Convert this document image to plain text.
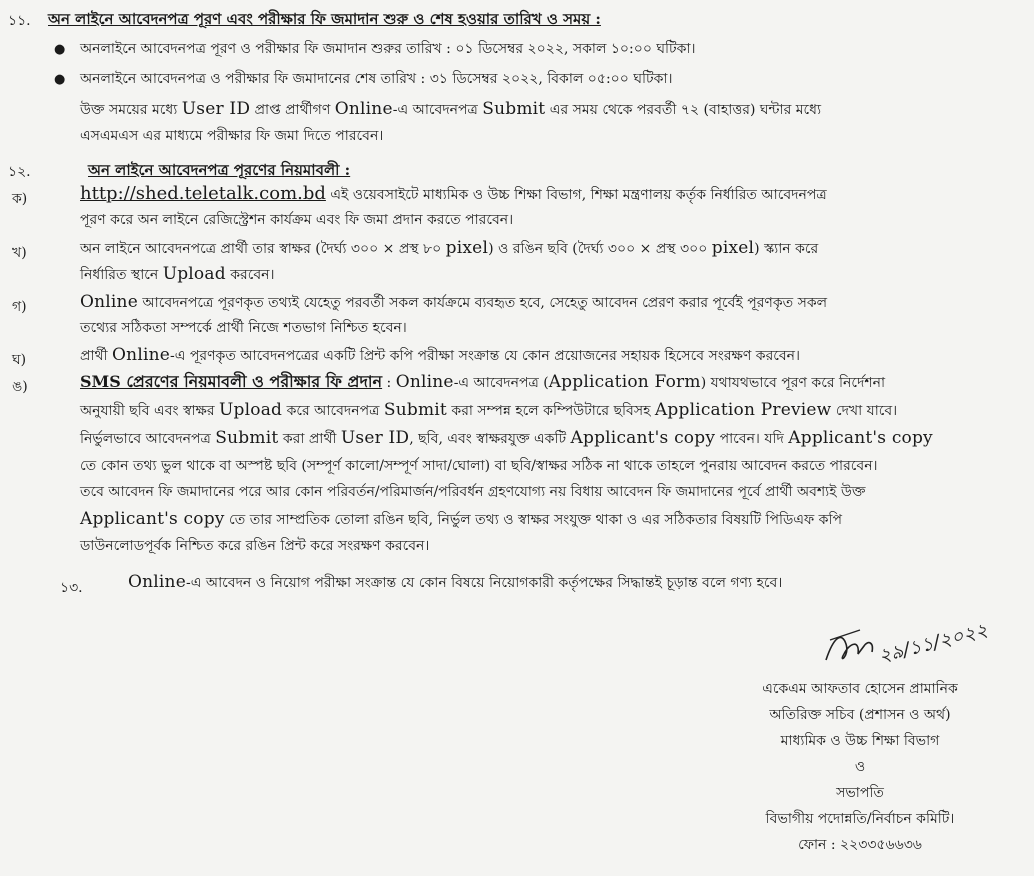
১১. অন লাইনে আবেদনপত্র পূরণ এবং পরীক্ষার ফি জমাদান শুরু ও শেষ হওয়ার তারিখ ও সময় :
● অনলাইনে আবেদনপত্র পূরণ ও পরীক্ষার ফি জমাদান শুরুর তারিখ : ০১ ডিসেম্বর ২০২২, সকাল ১০:০০ ঘটিকা।
● অনলাইনে আবেদনপত্র ও পরীক্ষার ফি জমাদানের শেষ তারিখ : ৩১ ডিসেম্বর ২০২২, বিকাল ০৫:০০ ঘটিকা।
উক্ত সময়ের মধ্যে User ID প্রাপ্ত প্রার্থীগণ Online-এ আবেদনপত্র Submit এর সময় থেকে পরবর্তী ৭২ (বাহাত্তর) ঘন্টার মধ্যে
এসএমএস এর মাধ্যমে পরীক্ষার ফি জমা দিতে পারবেন।
১২.	অন লাইনে আবেদনপত্র পূরণের নিয়মাবলী :
ক)	http://shed.teletalk.com.bd এই ওয়েবসাইটে মাধ্যমিক ও উচ্চ শিক্ষা বিভাগ, শিক্ষা মন্ত্রণালয় কর্তৃক নির্ধারিত আবেদনপত্র
পূরণ করে অন লাইনে রেজিস্ট্রেশন কার্যক্রম এবং ফি জমা প্রদান করতে পারবেন।
খ)	অন লাইনে আবেদনপত্রে প্রার্থী তার স্বাক্ষর (দৈর্ঘ্য ৩০০ × প্রস্থ ৮০ pixel) ও রঙিন ছবি (দৈর্ঘ্য ৩০০ × প্রস্থ ৩০০ pixel) স্ক্যান করে
নির্ধারিত স্থানে Upload করবেন।
গ)	Online আবেদনপত্রে পূরণকৃত তথ্যই যেহেতু পরবর্তী সকল কার্যক্রমে ব্যবহৃত হবে, সেহেতু আবেদন প্রেরণ করার পূর্বেই পূরণকৃত সকল
তথ্যের সঠিকতা সম্পর্কে প্রার্থী নিজে শতভাগ নিশ্চিত হবেন।
ঘ)	প্রার্থী Online-এ পূরণকৃত আবেদনপত্রের একটি প্রিন্ট কপি পরীক্ষা সংক্রান্ত যে কোন প্রয়োজনের সহায়ক হিসেবে সংরক্ষণ করবেন।
ঙ)	SMS প্রেরণের নিয়মাবলী ও পরীক্ষার ফি প্রদান : Online-এ আবেদনপত্র (Application Form) যথাযথভাবে পূরণ করে নির্দেশনা
অনুযায়ী ছবি এবং স্বাক্ষর Upload করে আবেদনপত্র Submit করা সম্পন্ন হলে কম্পিউটারে ছবিসহ Application Preview দেখা যাবে।
নির্ভুলভাবে আবেদনপত্র Submit করা প্রার্থী User ID, ছবি, এবং স্বাক্ষরযুক্ত একটি Applicant's copy পাবেন। যদি Applicant's copy
তে কোন তথ্য ভুল থাকে বা অস্পষ্ট ছবি (সম্পূর্ণ কালো/সম্পূর্ণ সাদা/ঘোলা) বা ছবি/স্বাক্ষর সঠিক না থাকে তাহলে পুনরায় আবেদন করতে পারবেন।
তবে আবেদন ফি জমাদানের পরে আর কোন পরিবর্তন/পরিমার্জন/পরিবর্ধন গ্রহণযোগ্য নয় বিধায় আবেদন ফি জমাদানের পূর্বে প্রার্থী অবশ্যই উক্ত
Applicant's copy তে তার সাম্প্রতিক তোলা রঙিন ছবি, নির্ভুল তথ্য ও স্বাক্ষর সংযুক্ত থাকা ও এর সঠিকতার বিষয়টি পিডিএফ কপি
ডাউনলোডপূর্বক নিশ্চিত করে রঙিন প্রিন্ট করে সংরক্ষণ করবেন।
১৩.	Online-এ আবেদন ও নিয়োগ পরীক্ষা সংক্রান্ত যে কোন বিষয়ে নিয়োগকারী কর্তৃপক্ষের সিদ্ধান্তই চূড়ান্ত বলে গণ্য হবে।
২৯/১১/২০২২
একেএম আফতাব হোসেন প্রামানিক
অতিরিক্ত সচিব (প্রশাসন ও অর্থ)
মাধ্যমিক ও উচ্চ শিক্ষা বিভাগ
ও
সভাপতি
বিভাগীয় পদোন্নতি/নির্বাচন কমিটি।
ফোন : ২২৩৩৫৬৬৩৬
